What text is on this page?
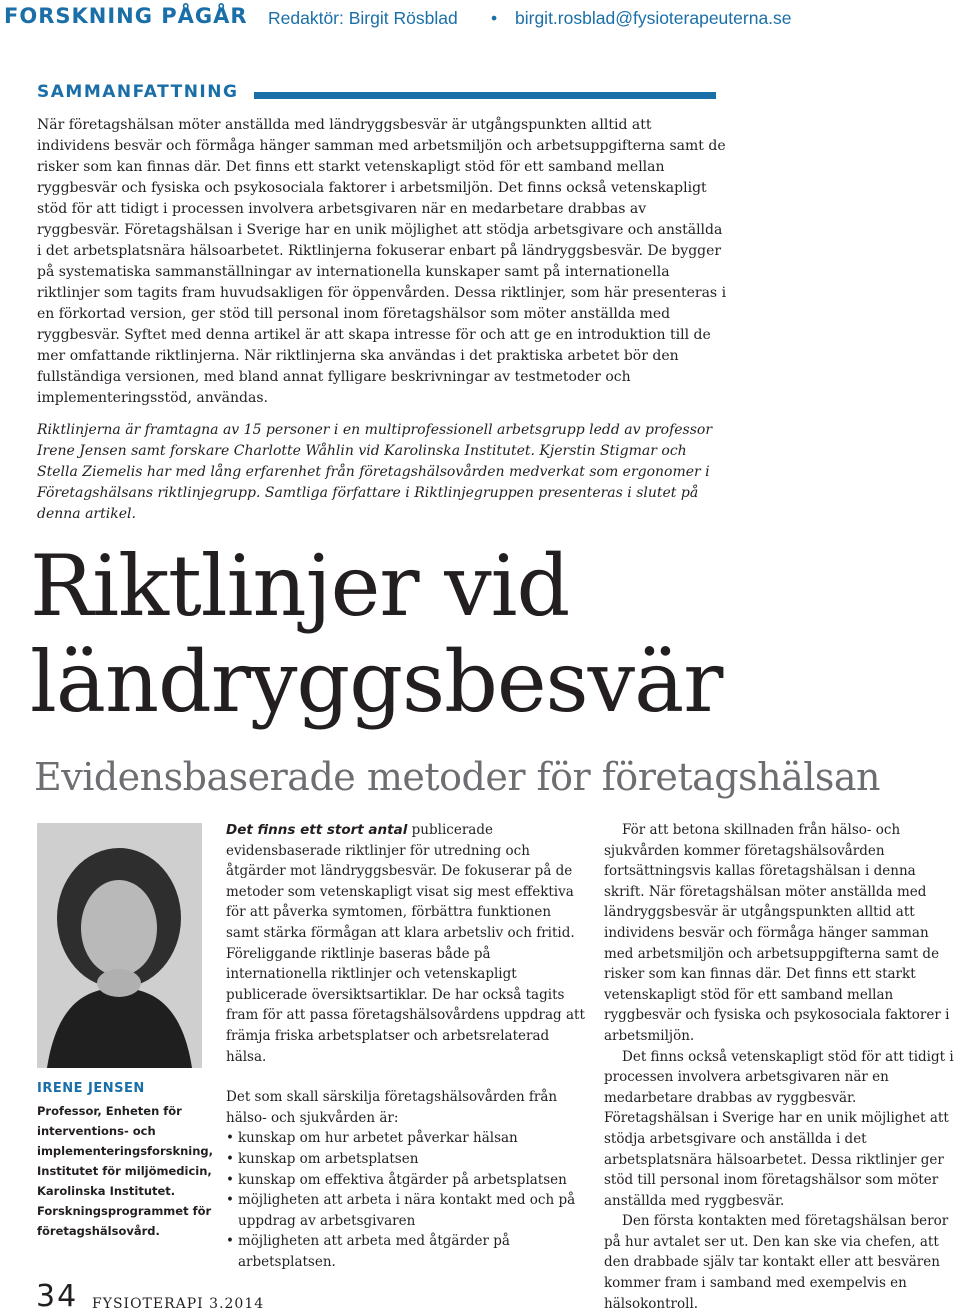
FORSKNING PÅGÅR Redaktör: Birgit Rösblad • birgit.rosblad@fysioterapeuterna.se
SAMMANFATTNING
När företagshälsan möter anställda med ländryggsbesvär är utgångspunkten alltid att individens besvär och förmåga hänger samman med arbetsmiljön och arbetsuppgifterna samt de risker som kan finnas där. Det finns ett starkt vetenskapligt stöd för ett samband mellan ryggbesvär och fysiska och psykosociala faktorer i arbetsmiljön. Det finns också vetenskapligt stöd för att tidigt i processen involvera arbetsgivaren när en medarbetare drabbas av ryggbesvär. Företagshälsan i Sverige har en unik möjlighet att stödja arbetsgivare och anställda i det arbetsplatsnära hälsoarbetet. Riktlinjerna fokuserar enbart på ländryggsbesvär. De bygger på systematiska sammanställningar av internationella kunskaper samt på internationella riktlinjer som tagits fram huvudsakligen för öppenvården. Dessa riktlinjer, som här presenteras i en förkortad version, ger stöd till personal inom företagshälsor som möter anställda med ryggbesvär. Syftet med denna artikel är att skapa intresse för och att ge en introduktion till de mer omfattande riktlinjerna. När riktlinjerna ska användas i det praktiska arbetet bör den fullständiga versionen, med bland annat fylligare beskrivningar av testmetoder och implementeringsstöd, användas.
Riktlinjerna är framtagna av 15 personer i en multiprofessionell arbetsgrupp ledd av professor Irene Jensen samt forskare Charlotte Wåhlin vid Karolinska Institutet. Kjerstin Stigmar och Stella Ziemelis har med lång erfarenhet från företagshälsovården medverkat som ergonomer i Företagshälsans riktlinjegrupp. Samtliga författare i Riktlinjegruppen presenteras i slutet på denna artikel.
Riktlinjer vid
ländryggsbesvär
Evidensbaserade metoder för företagshälsan
IRENE JENSEN
Professor, Enheten för interventions- och implementeringsforskning, Institutet för miljömedicin, Karolinska Institutet. Forskningsprogrammet för företagshälsovård.

Det finns ett stort antal publicerade evidensbaserade riktlinjer för utredning och åtgärder mot ländryggsbesvär. De fokuserar på de metoder som vetenskapligt visat sig mest effektiva för att påverka symtomen, förbättra funktionen samt stärka förmågan att klara arbetsliv och fritid. Föreliggande riktlinje baseras både på internationella riktlinjer och vetenskapligt publicerade översiktsartiklar. De har också tagits fram för att passa företagshälsovårdens uppdrag att främja friska arbetsplatser och arbetsrelaterad hälsa.

Det som skall särskilja företagshälsovården från hälso- och sjukvården är:

• kunskap om hur arbetet påverkar hälsan
• kunskap om arbetsplatsen
• kunskap om effektiva åtgärder på arbetsplatsen
• möjligheten att arbeta i nära kontakt med och på uppdrag av arbetsgivaren
• möjligheten att arbeta med åtgärder på arbetsplatsen.

För att betona skillnaden från hälso- och sjukvården kommer företagshälsovården fortsättningsvis kallas företagshälsan i denna skrift. När företagshälsan möter anställda med ländryggsbesvär är utgångspunkten alltid att individens besvär och förmåga hänger samman med arbetsmiljön och arbetsuppgifterna samt de risker som kan finnas där. Det finns ett starkt vetenskapligt stöd för ett samband mellan ryggbesvär och fysiska och psykosociala faktorer i arbetsmiljön.

Det finns också vetenskapligt stöd för att tidigt i processen involvera arbetsgivaren när en medarbetare drabbas av ryggbesvär. Företagshälsan i Sverige har en unik möjlighet att stödja arbetsgivare och anställda i det arbetsplatsnära hälsoarbetet. Dessa riktlinjer ger stöd till personal inom företagshälsor som möter anställda med ryggbesvär.

Den första kontakten med företagshälsan beror på hur avtalet ser ut. Den kan ske via chefen, att den drabbade själv tar kontakt eller att besvären kommer fram i samband med exempelvis en hälsokontroll.

34 FYSIOTERAPI 3.2014
